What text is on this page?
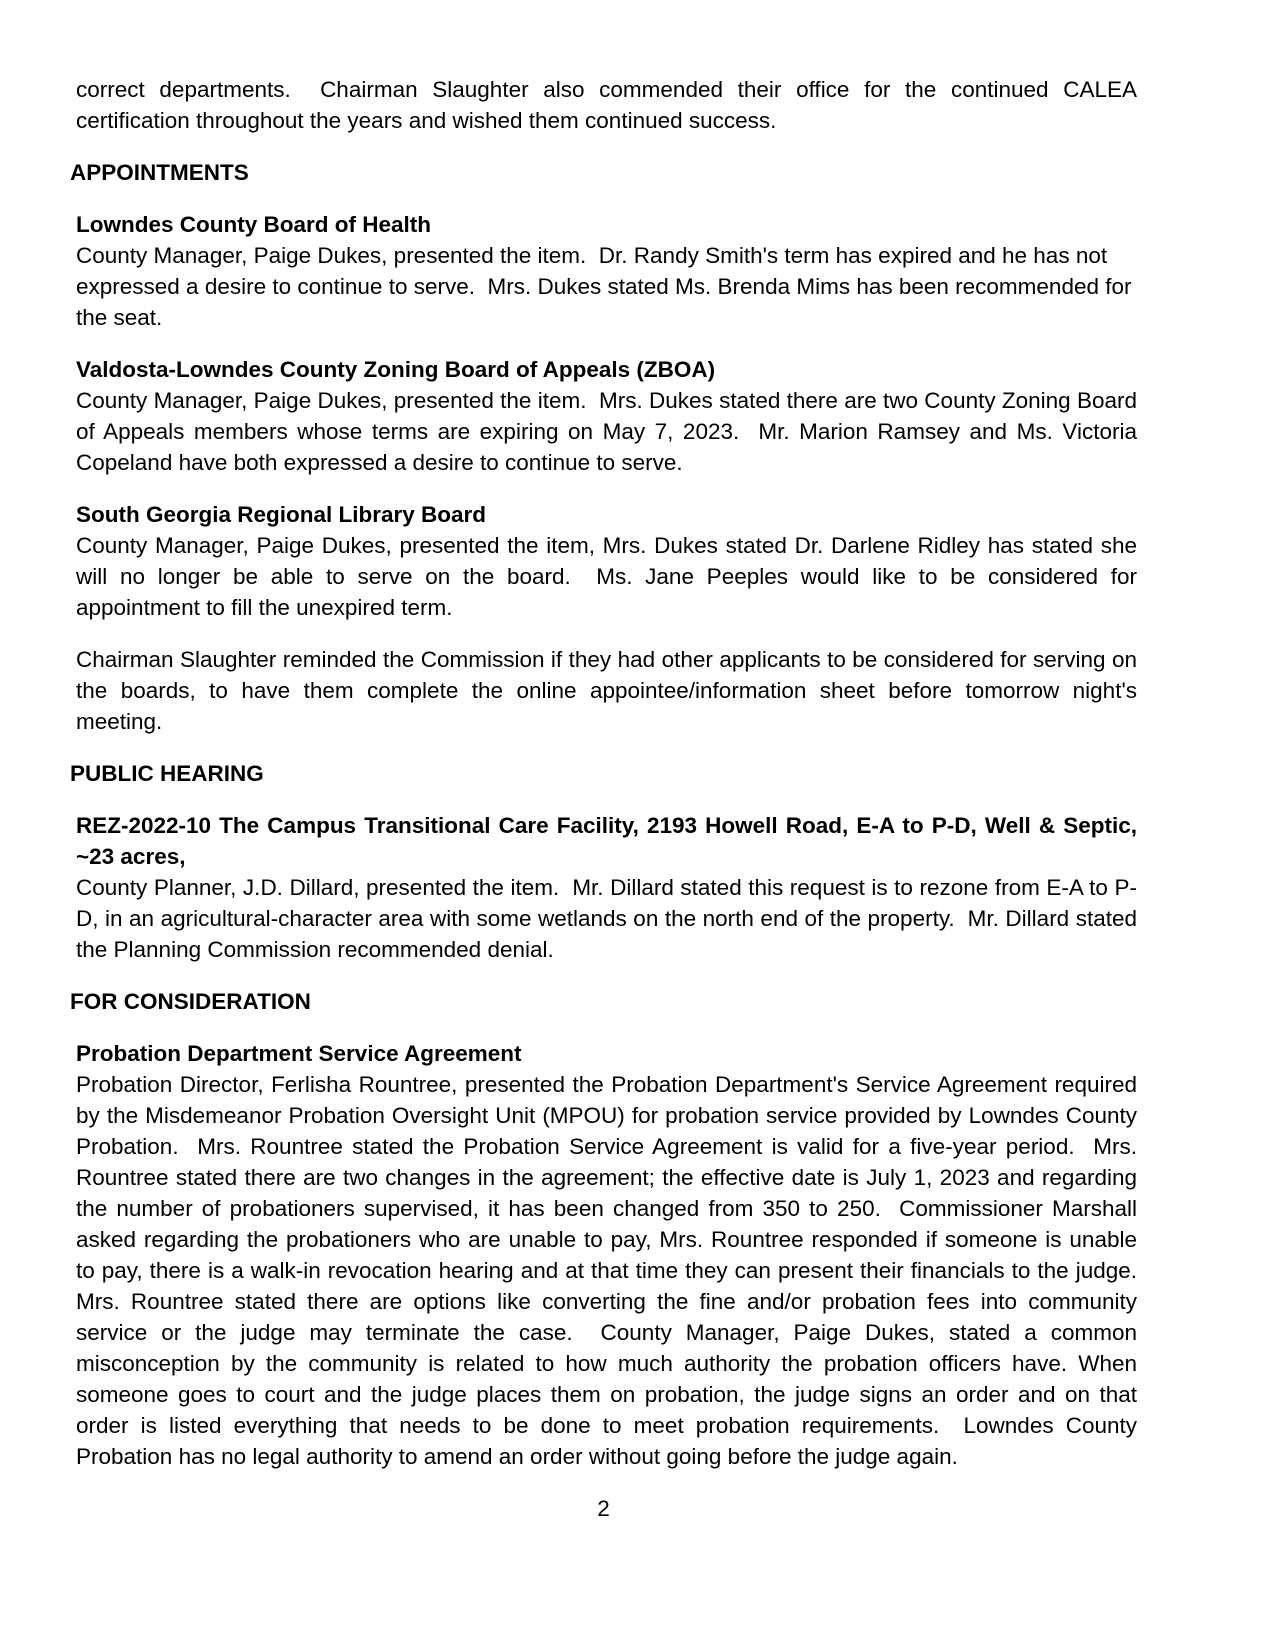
correct departments.  Chairman Slaughter also commended their office for the continued CALEA certification throughout the years and wished them continued success.

APPOINTMENTS

Lowndes County Board of Health

County Manager, Paige Dukes, presented the item.  Dr. Randy Smith's term has expired and he has not expressed a desire to continue to serve.  Mrs. Dukes stated Ms. Brenda Mims has been recommended for the seat.

Valdosta-Lowndes County Zoning Board of Appeals (ZBOA)

County Manager, Paige Dukes, presented the item.  Mrs. Dukes stated there are two County Zoning Board of Appeals members whose terms are expiring on May 7, 2023.  Mr. Marion Ramsey and Ms. Victoria Copeland have both expressed a desire to continue to serve.

South Georgia Regional Library Board

County Manager, Paige Dukes, presented the item, Mrs. Dukes stated Dr. Darlene Ridley has stated she will no longer be able to serve on the board.  Ms. Jane Peeples would like to be considered for appointment to fill the unexpired term.

Chairman Slaughter reminded the Commission if they had other applicants to be considered for serving on the boards, to have them complete the online appointee/information sheet before tomorrow night's meeting.

PUBLIC HEARING

REZ-2022-10 The Campus Transitional Care Facility, 2193 Howell Road, E-A to P-D, Well & Septic, ~23 acres,

County Planner, J.D. Dillard, presented the item.  Mr. Dillard stated this request is to rezone from E-A to P-D, in an agricultural-character area with some wetlands on the north end of the property.  Mr. Dillard stated the Planning Commission recommended denial.

FOR CONSIDERATION

Probation Department Service Agreement

Probation Director, Ferlisha Rountree, presented the Probation Department's Service Agreement required by the Misdemeanor Probation Oversight Unit (MPOU) for probation service provided by Lowndes County Probation.  Mrs. Rountree stated the Probation Service Agreement is valid for a five-year period.  Mrs. Rountree stated there are two changes in the agreement; the effective date is July 1, 2023 and regarding the number of probationers supervised, it has been changed from 350 to 250.  Commissioner Marshall asked regarding the probationers who are unable to pay, Mrs. Rountree responded if someone is unable to pay, there is a walk-in revocation hearing and at that time they can present their financials to the judge.  Mrs. Rountree stated there are options like converting the fine and/or probation fees into community service or the judge may terminate the case.  County Manager, Paige Dukes, stated a common misconception by the community is related to how much authority the probation officers have. When someone goes to court and the judge places them on probation, the judge signs an order and on that order is listed everything that needs to be done to meet probation requirements.  Lowndes County Probation has no legal authority to amend an order without going before the judge again.

2
